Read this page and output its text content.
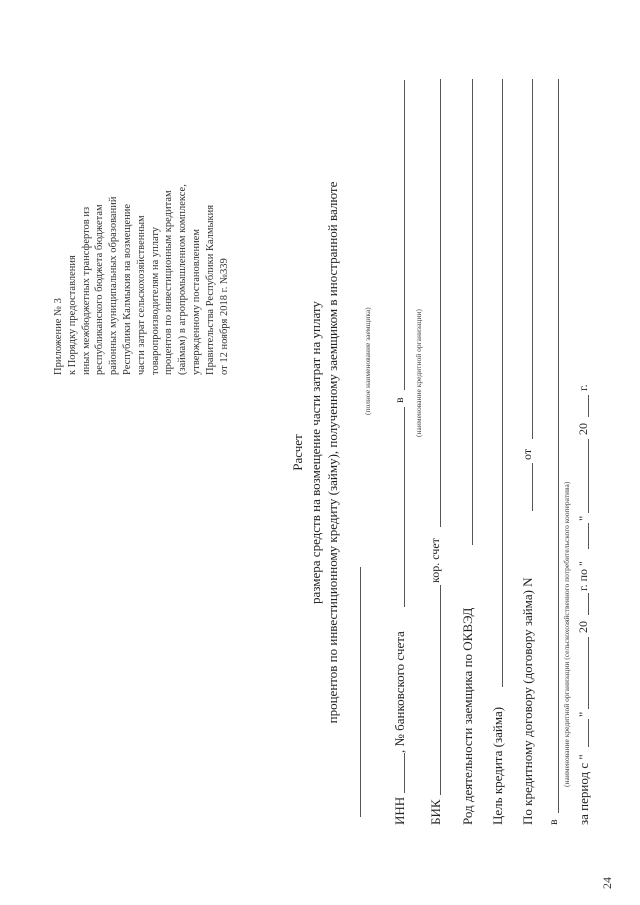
Приложение № 3 к Порядку предоставления иных межбюджетных трансфертов из республиканского бюджета бюджетам районных муниципальных образований Республики Калмыкия на возмещение части затрат сельскохозяйственным товаропроизводителям на уплату процентов по инвестиционным кредитам (займам) в агропромышленном комплексе, утвержденному постановлением Правительства Республики Калмыкия от 12 ноября 2018 г. №339
24
Расчет размера средств на возмещение части затрат на уплату процентов по инвестиционному кредиту (займу), полученному заемщиком в иностранной валюте	(полное наименование заемщика)
ИНН
, № банковского счета
в (наименование кредитной организации)
БИК
кор. счет
Род деятельности заемщика по ОКВЭД Цель кредита (займа) По кредитному договору (договору займа) N
от
в
(наименование кредитной организации (сельскохозяйственного потребительского кооператива)
за период с "
"
20
г. по "
"
20
г.
